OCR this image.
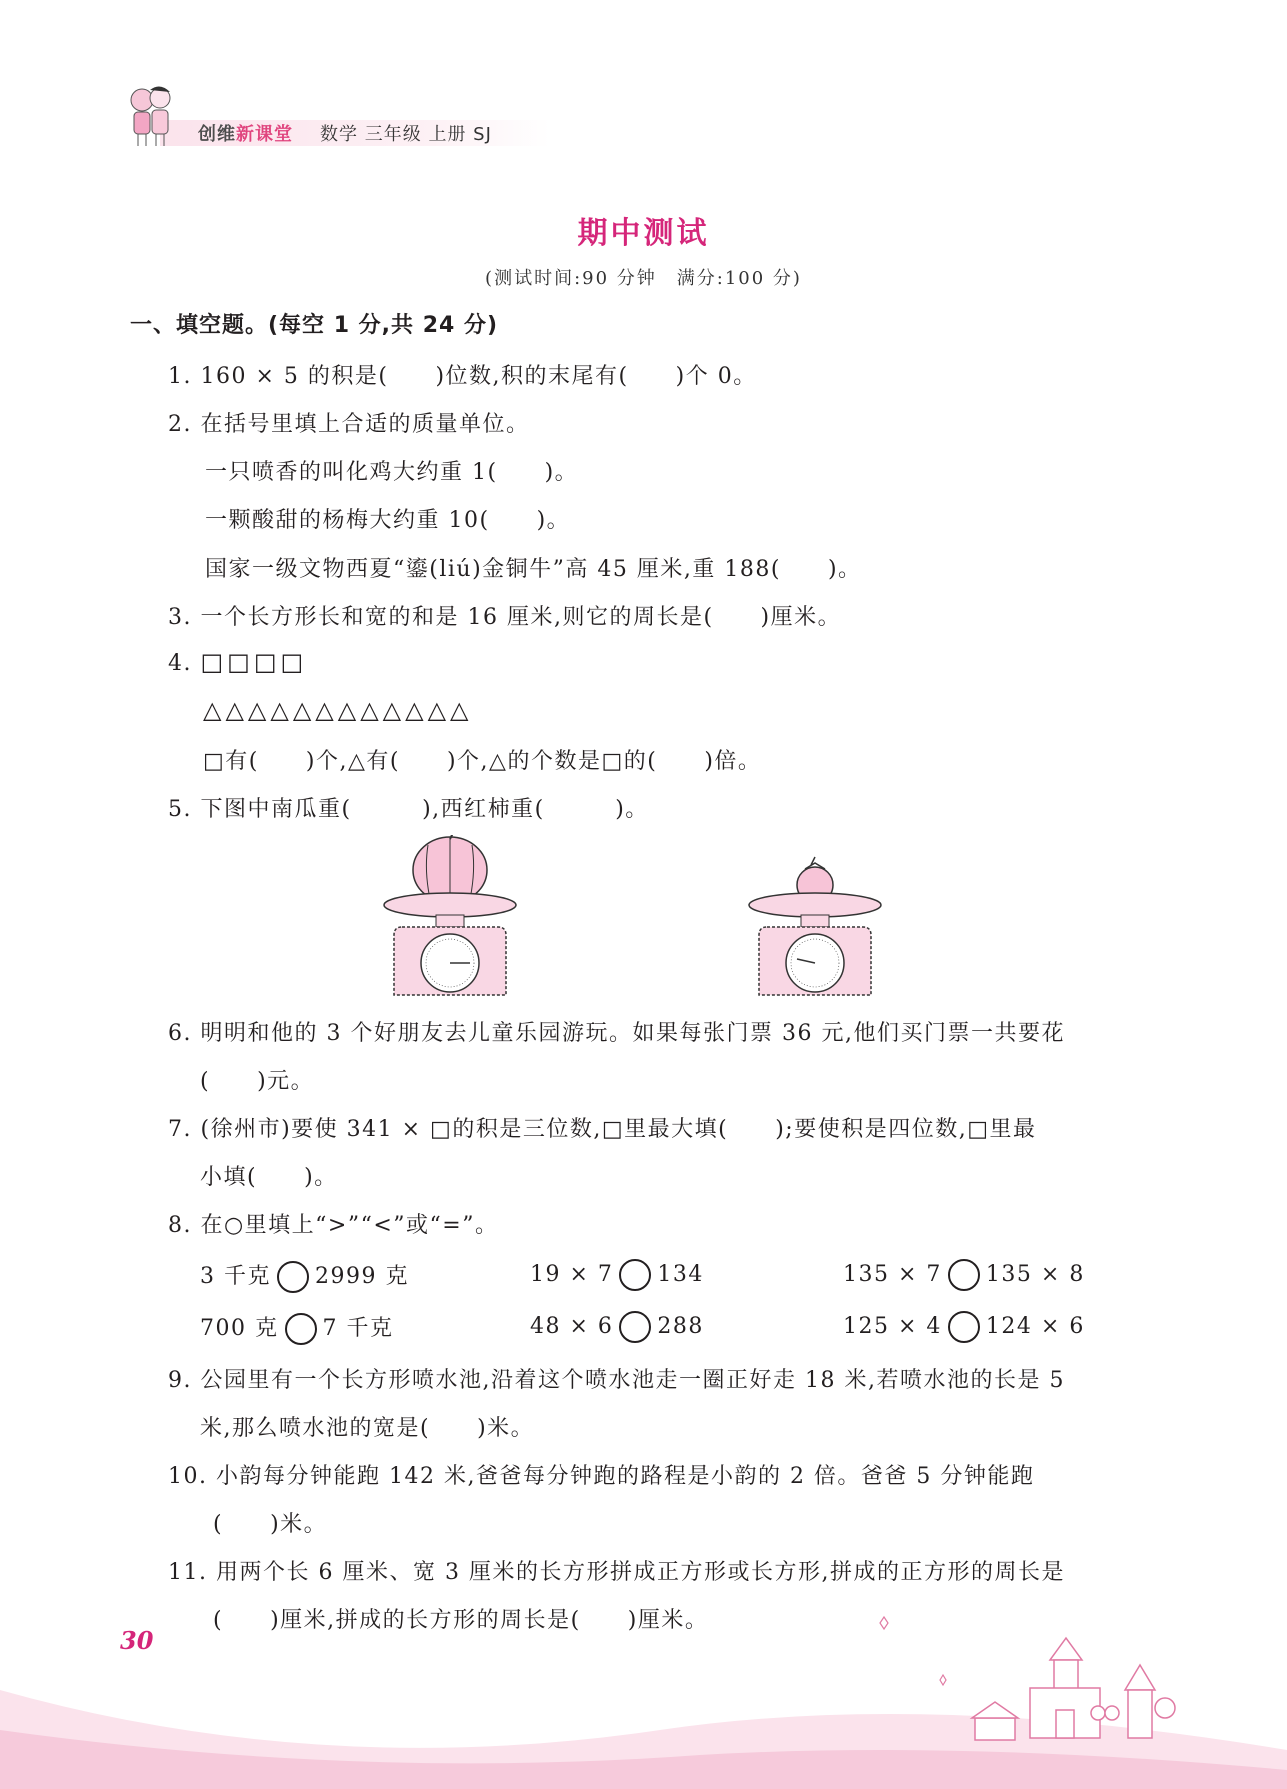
创维新课堂 数学 三年级 上册 SJ
期中测试
(测试时间:90 分钟　满分:100 分)
一、填空题。(每空 1 分,共 24 分)
1. 160 × 5 的积是(　　)位数,积的末尾有(　　)个 0。
2. 在括号里填上合适的质量单位。
一只喷香的叫化鸡大约重 1(　　)。
一颗酸甜的杨梅大约重 10(　　)。
国家一级文物西夏“鎏(liú)金铜牛”高 45 厘米,重 188(　　)。
3. 一个长方形长和宽的和是 16 厘米,则它的周长是(　　)厘米。
4. □□□□
△△△△△△△△△△△△
□有(　　)个,△有(　　)个,△的个数是□的(　　)倍。
5. 下图中南瓜重(　　　),西红柿重(　　　)。
6. 明明和他的 3 个好朋友去儿童乐园游玩。如果每张门票 36 元,他们买门票一共要花
(　　)元。
7. (徐州市)要使 341 × □的积是三位数,□里最大填(　　);要使积是四位数,□里最
小填(　　)。
8. 在○里填上“>”“<”或“=”。
3 千克 2999 克	19 × 7 134	135 × 7 135 × 8
700 克 7 千克	48 × 6 288	125 × 4 124 × 6
9. 公园里有一个长方形喷水池,沿着这个喷水池走一圈正好走 18 米,若喷水池的长是 5
米,那么喷水池的宽是(　　)米。
10. 小韵每分钟能跑 142 米,爸爸每分钟跑的路程是小韵的 2 倍。爸爸 5 分钟能跑
(　　)米。
11. 用两个长 6 厘米、宽 3 厘米的长方形拼成正方形或长方形,拼成的正方形的周长是
(　　)厘米,拼成的长方形的周长是(　　)厘米。
30
